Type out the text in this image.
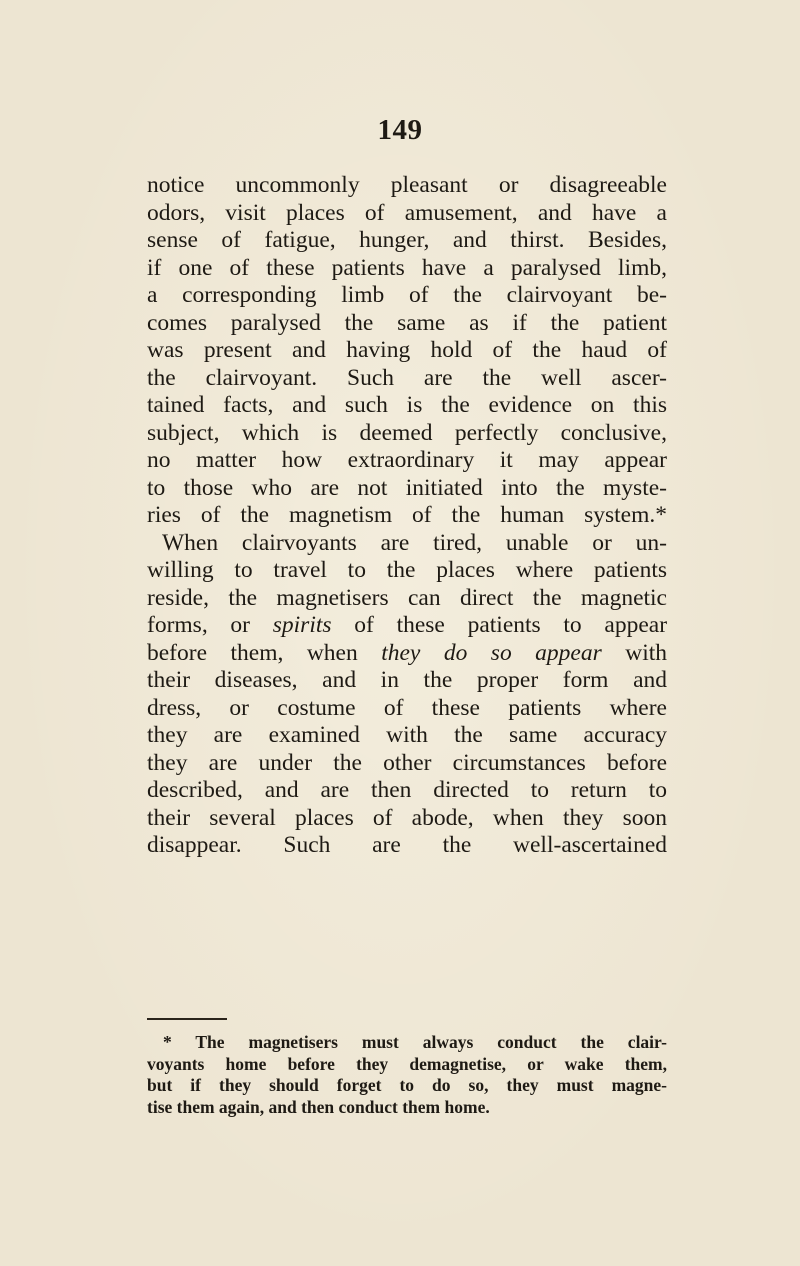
149
notice uncommonly pleasant or disagreeable
odors, visit places of amusement, and have a
sense of fatigue, hunger, and thirst. Besides,
if one of these patients have a paralysed limb,
a corresponding limb of the clairvoyant be-
comes paralysed the same as if the patient
was present and having hold of the haud of
the clairvoyant. Such are the well ascer-
tained facts, and such is the evidence on this
subject, which is deemed perfectly conclusive,
no matter how extraordinary it may appear
to those who are not initiated into the myste-
ries of the magnetism of the human system.*
When clairvoyants are tired, unable or un-
willing to travel to the places where patients
reside, the magnetisers can direct the magnetic
forms, or spirits of these patients to appear
before them, when they do so appear with
their diseases, and in the proper form and
dress, or costume of these patients where
they are examined with the same accuracy
they are under the other circumstances before
described, and are then directed to return to
their several places of abode, when they soon
disappear. Such are the well-ascertained
* The magnetisers must always conduct the clair-
voyants home before they demagnetise, or wake them,
but if they should forget to do so, they must magne-
tise them again, and then conduct them home.
